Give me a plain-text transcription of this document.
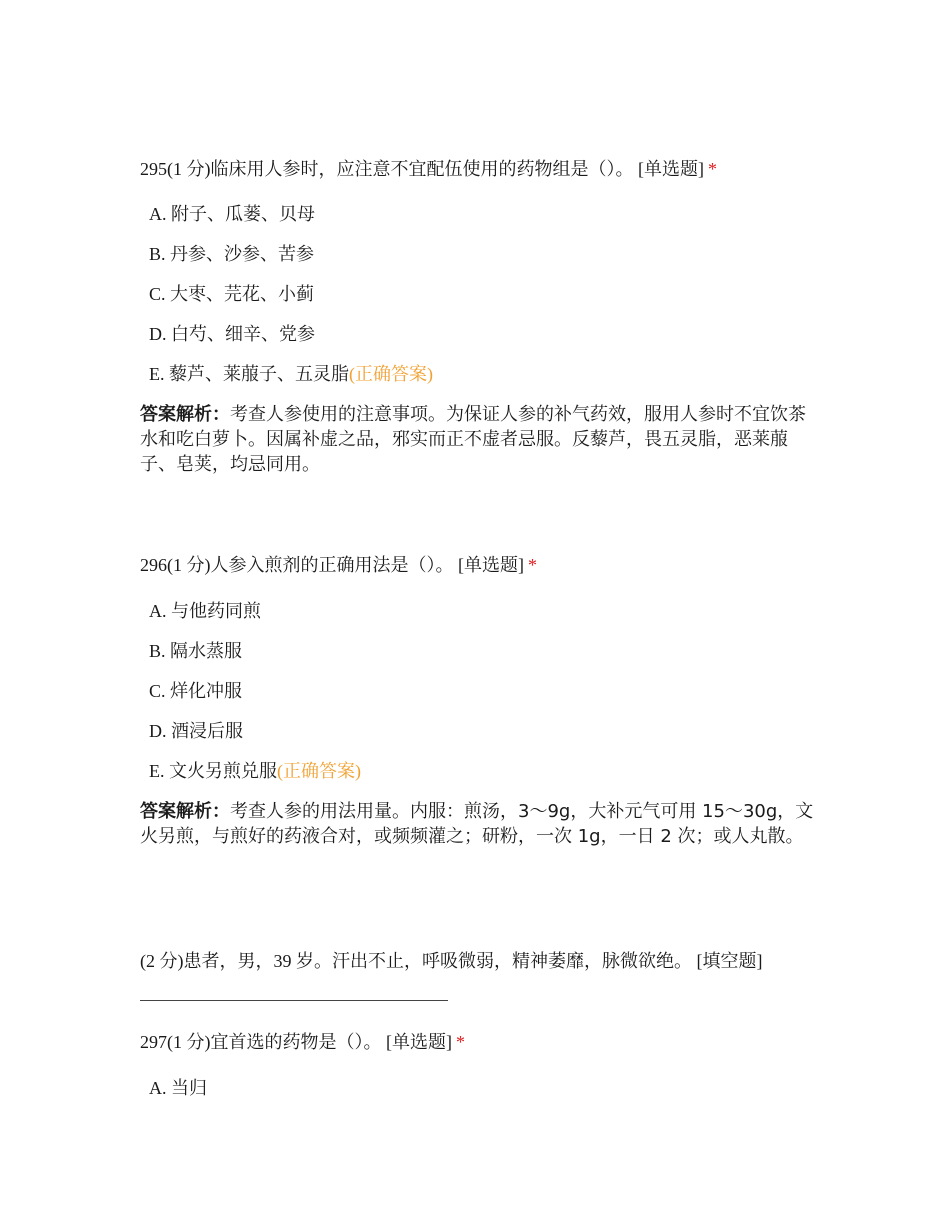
295(1 分)临床用人参时，应注意不宜配伍使用的药物组是（）。 [单选题] *
A. 附子、瓜蒌、贝母
B. 丹参、沙参、苦参
C. 大枣、芫花、小蓟
D. 白芍、细辛、党参
E. 藜芦、莱菔子、五灵脂(正确答案)
答案解析：考查人参使用的注意事项。为保证人参的补气药效，服用人参时不宜饮茶水和吃白萝卜。因属补虚之品，邪实而正不虚者忌服。反藜芦，畏五灵脂，恶莱菔子、皂荚，均忌同用。
296(1 分)人参入煎剂的正确用法是（）。 [单选题] *
A. 与他药同煎
B. 隔水蒸服
C. 烊化冲服
D. 酒浸后服
E. 文火另煎兑服(正确答案)
答案解析：考查人参的用法用量。内服：煎汤，3～9g，大补元气可用 15～30g，文火另煎，与煎好的药液合对，或频频灌之；研粉，一次 1g，一日 2 次；或人丸散。
(2 分)患者，男，39 岁。汗出不止，呼吸微弱，精神萎靡，脉微欲绝。 [填空题]
297(1 分)宜首选的药物是（）。 [单选题] *
A. 当归
